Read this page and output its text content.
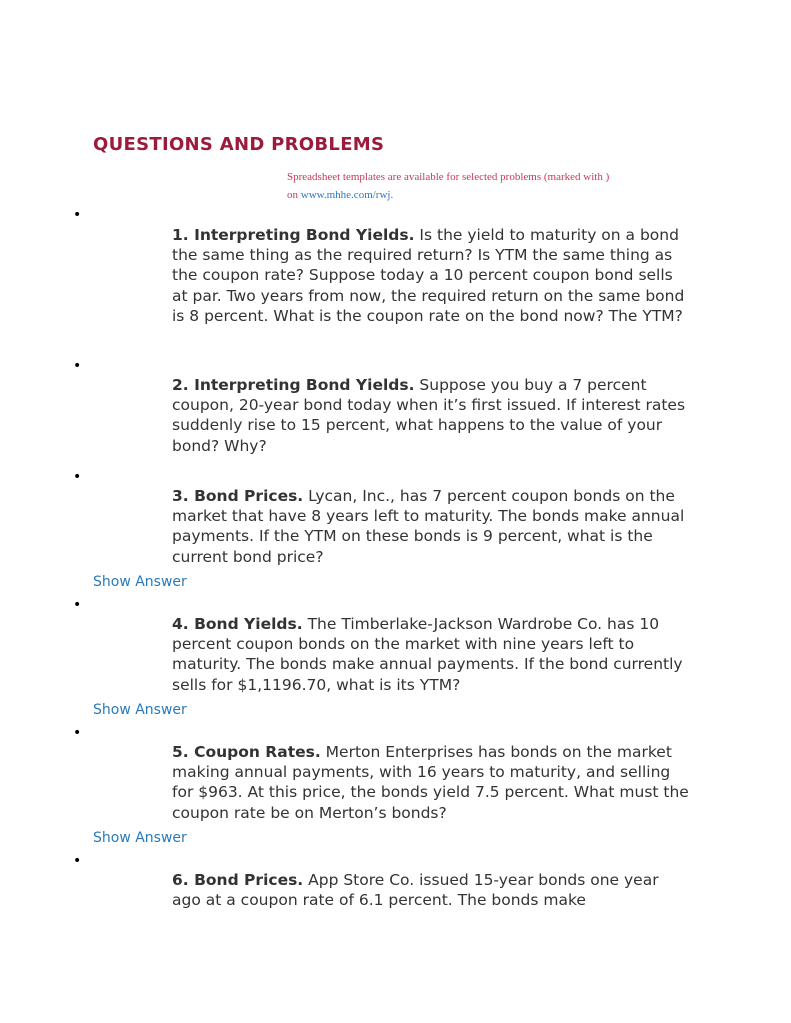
QUESTIONS AND PROBLEMS
Spreadsheet templates are available for selected problems (marked with )
on www.mhhe.com/rwj.
•

1. Interpreting Bond Yields. Is the yield to maturity on a bond the same thing as the required return? Is YTM the same thing as the coupon rate? Suppose today a 10 percent coupon bond sells at par. Two years from now, the required return on the same bond is 8 percent. What is the coupon rate on the bond now? The YTM?

•

2. Interpreting Bond Yields. Suppose you buy a 7 percent coupon, 20-year bond today when it’s first issued. If interest rates suddenly rise to 15 percent, what happens to the value of your bond? Why?

•

3. Bond Prices. Lycan, Inc., has 7 percent coupon bonds on the market that have 8 years left to maturity. The bonds make annual payments. If the YTM on these bonds is 9 percent, what is the current bond price?

Show Answer
•

4. Bond Yields. The Timberlake-Jackson Wardrobe Co. has 10 percent coupon bonds on the market with nine years left to maturity. The bonds make annual payments. If the bond currently sells for $1,1196.70, what is its YTM?

Show Answer
•

5. Coupon Rates. Merton Enterprises has bonds on the market making annual payments, with 16 years to maturity, and selling for $963. At this price, the bonds yield 7.5 percent. What must the coupon rate be on Merton’s bonds?

Show Answer
•

6. Bond Prices. App Store Co. issued 15-year bonds one year ago at a coupon rate of 6.1 percent. The bonds make
